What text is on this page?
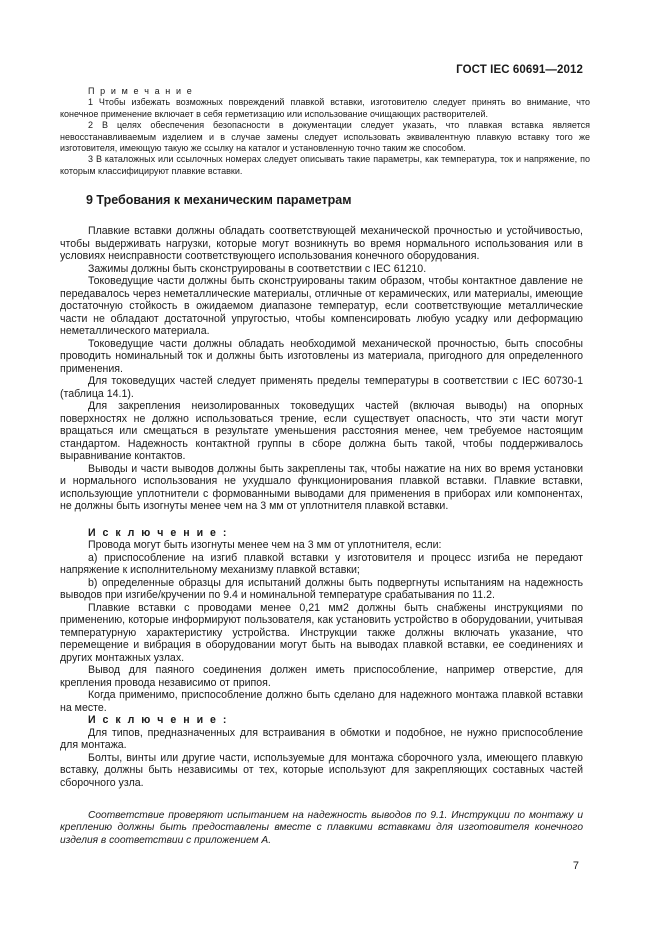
ГОСТ IEC 60691—2012

П р и м е ч а н и е

1 Чтобы избежать возможных повреждений плавкой вставки, изготовителю следует принять во внимание, что конечное применение включает в себя герметизацию или использование очищающих растворителей.

2 В целях обеспечения безопасности в документации следует указать, что плавкая вставка является невосстанавливаемым изделием и в случае замены следует использовать эквивалентную плавкую вставку того же изготовителя, имеющую такую же ссылку на каталог и установленную точно таким же способом.

3 В каталожных или ссылочных номерах следует описывать такие параметры, как температура, ток и напряжение, по которым классифицируют плавкие вставки.

9 Требования к механическим параметрам

Плавкие вставки должны обладать соответствующей механической прочностью и устойчивостью, чтобы выдерживать нагрузки, которые могут возникнуть во время нормального использования или в условиях неисправности соответствующего использования конечного оборудования.

Зажимы должны быть сконструированы в соответствии с IEC 61210.

Токоведущие части должны быть сконструированы таким образом, чтобы контактное давление не передавалось через неметаллические материалы, отличные от керамических, или материалы, имеющие достаточную стойкость в ожидаемом диапазоне температур, если соответствующие металлические части не обладают достаточной упругостью, чтобы компенсировать любую усадку или деформацию неметаллического материала.

Токоведущие части должны обладать необходимой механической прочностью, быть способны проводить номинальный ток и должны быть изготовлены из материала, пригодного для определенного применения.

Для токоведущих частей следует применять пределы температуры в соответствии с IEC 60730-1 (таблица 14.1).

Для закрепления неизолированных токоведущих частей (включая выводы) на опорных поверхностях не должно использоваться трение, если существует опасность, что эти части могут вращаться или смещаться в результате уменьшения расстояния менее, чем требуемое настоящим стандартом. Надежность контактной группы в сборе должна быть такой, чтобы поддерживалось выравнивание контактов.

Выводы и части выводов должны быть закреплены так, чтобы нажатие на них во время установки и нормального использования не ухудшало функционирования плавкой вставки. Плавкие вставки, использующие уплотнители с формованными выводами для применения в приборах или компонентах, не должны быть изогнуты менее чем на 3 мм от уплотнителя плавкой вставки.

И с к л ю ч е н и е :

Провода могут быть изогнуты менее чем на 3 мм от уплотнителя, если:

a) приспособление на изгиб плавкой вставки у изготовителя и процесс изгиба не передают напряжение к исполнительному механизму плавкой вставки;

b) определенные образцы для испытаний должны быть подвергнуты испытаниям на надежность выводов при изгибе/кручении по 9.4 и номинальной температуре срабатывания по 11.2.

Плавкие вставки с проводами менее 0,21 мм2 должны быть снабжены инструкциями по применению, которые информируют пользователя, как установить устройство в оборудовании, учитывая температурную характеристику устройства. Инструкции также должны включать указание, что перемещение и вибрация в оборудовании могут быть на выводах плавкой вставки, ее соединениях и других монтажных узлах.

Вывод для паяного соединения должен иметь приспособление, например отверстие, для крепления провода независимо от припоя.

Когда применимо, приспособление должно быть сделано для надежного монтажа плавкой вставки на месте.

И с к л ю ч е н и е :

Для типов, предназначенных для встраивания в обмотки и подобное, не нужно приспособление для монтажа.

Болты, винты или другие части, используемые для монтажа сборочного узла, имеющего плавкую вставку, должны быть независимы от тех, которые используют для закрепляющих составных частей сборочного узла.

Соответствие проверяют испытанием на надежность выводов по 9.1. Инструкции по монтажу и креплению должны быть предоставлены вместе с плавкими вставками для изготовителя конечного изделия в соответствии с приложением А.

7
